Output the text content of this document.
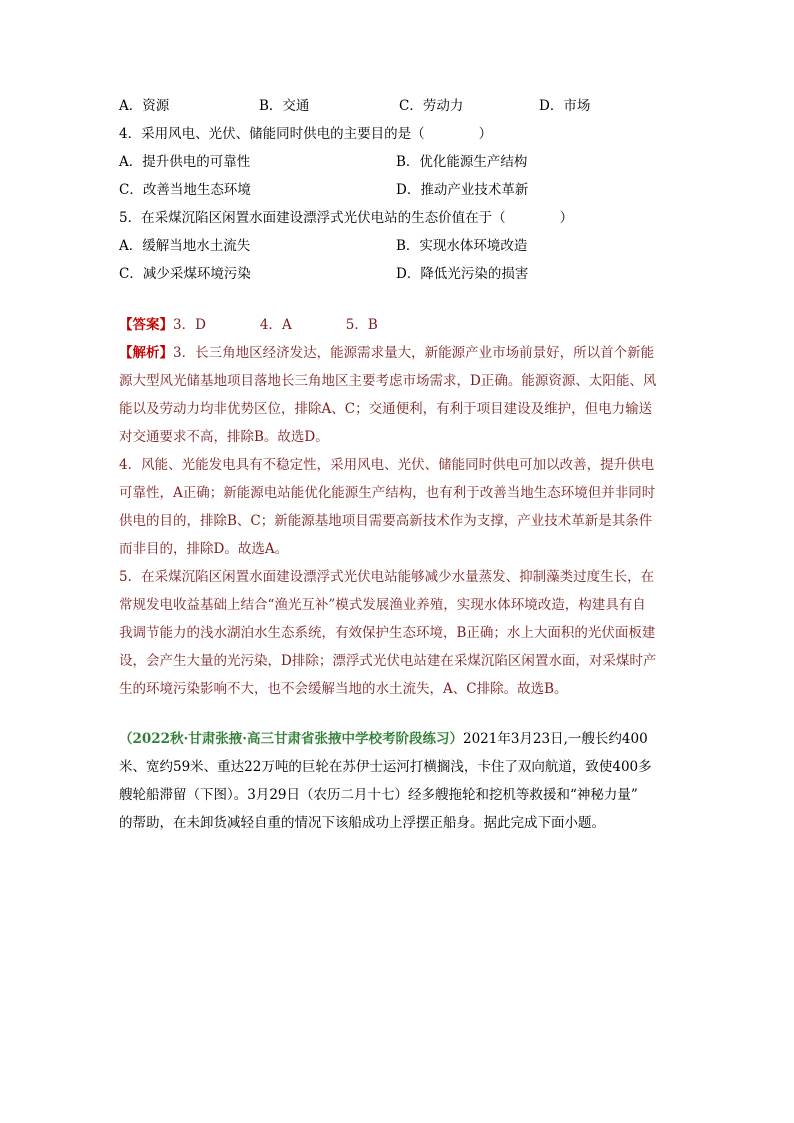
A．资源	B．交通	C．劳动力	D．市场
4．采用风电、光伏、储能同时供电的主要目的是（　　　　）
A．提升供电的可靠性	B．优化能源生产结构
C．改善当地生态环境	D．推动产业技术革新
5．在采煤沉陷区闲置水面建设漂浮式光伏电站的生态价值在于（　　　　）
A．缓解当地水土流失	B．实现水体环境改造
C．减少采煤环境污染	D．降低光污染的损害
【答案】3．D　　　　4．A　　　　5．B
【解析】3．长三角地区经济发达，能源需求量大，新能源产业市场前景好，所以首个新能
源大型风光储基地项目落地长三角地区主要考虑市场需求，D正确。能源资源、太阳能、风
能以及劳动力均非优势区位，排除A、C；交通便利，有利于项目建设及维护，但电力输送
对交通要求不高，排除B。故选D。
4．风能、光能发电具有不稳定性，采用风电、光伏、储能同时供电可加以改善，提升供电
可靠性，A正确；新能源电站能优化能源生产结构，也有利于改善当地生态环境但并非同时
供电的目的，排除B、C；新能源基地项目需要高新技术作为支撑，产业技术革新是其条件
而非目的，排除D。故选A。
5．在采煤沉陷区闲置水面建设漂浮式光伏电站能够减少水量蒸发、抑制藻类过度生长，在
常规发电收益基础上结合“渔光互补”模式发展渔业养殖，实现水体环境改造，构建具有自
我调节能力的浅水湖泊水生态系统，有效保护生态环境，B正确；水上大面积的光伏面板建
设，会产生大量的光污染，D排除；漂浮式光伏电站建在采煤沉陷区闲置水面，对采煤时产
生的环境污染影响不大，也不会缓解当地的水土流失，A、C排除。故选B。
（2022秋·甘肃张掖·高三甘肃省张掖中学校考阶段练习）2021年3月23日,一艘长约400
米、宽约59米、重达22万吨的巨轮在苏伊士运河打横搁浅，卡住了双向航道，致使400多
艘轮船滞留（下图）。3月29日（农历二月十七）经多艘拖轮和挖机等救援和“神秘力量”
的帮助，在未卸货减轻自重的情况下该船成功上浮摆正船身。据此完成下面小题。
